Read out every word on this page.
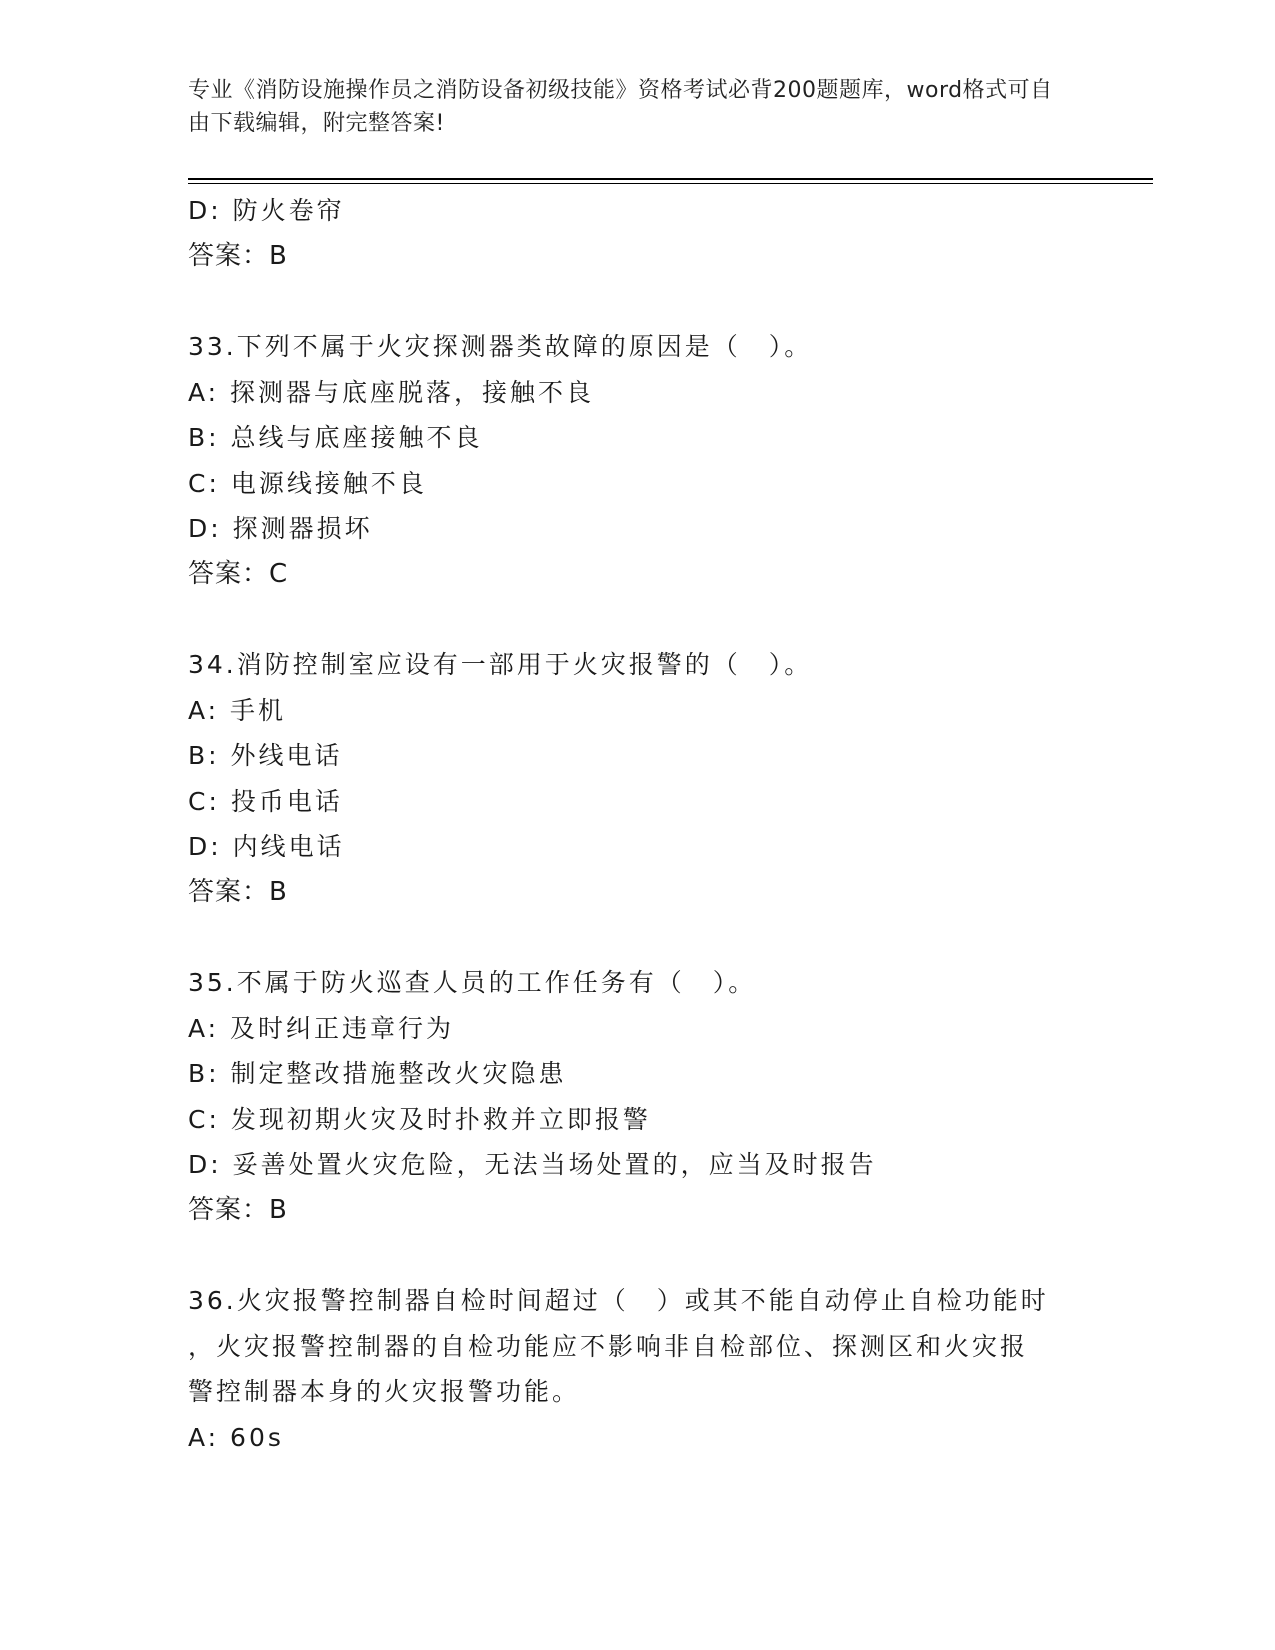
专业《消防设施操作员之消防设备初级技能》资格考试必背200题题库，word格式可自由下载编辑，附完整答案!
D: 防火卷帘
答案：B
33.下列不属于火灾探测器类故障的原因是（　）。
A: 探测器与底座脱落，接触不良
B: 总线与底座接触不良
C: 电源线接触不良
D: 探测器损坏
答案：C
34.消防控制室应设有一部用于火灾报警的（　）。
A: 手机
B: 外线电话
C: 投币电话
D: 内线电话
答案：B
35.不属于防火巡查人员的工作任务有（　）。
A: 及时纠正违章行为
B: 制定整改措施整改火灾隐患
C: 发现初期火灾及时扑救并立即报警
D: 妥善处置火灾危险，无法当场处置的，应当及时报告
答案：B
36.火灾报警控制器自检时间超过（　）或其不能自动停止自检功能时
，火灾报警控制器的自检功能应不影响非自检部位、探测区和火灾报
警控制器本身的火灾报警功能。
A: 60s
